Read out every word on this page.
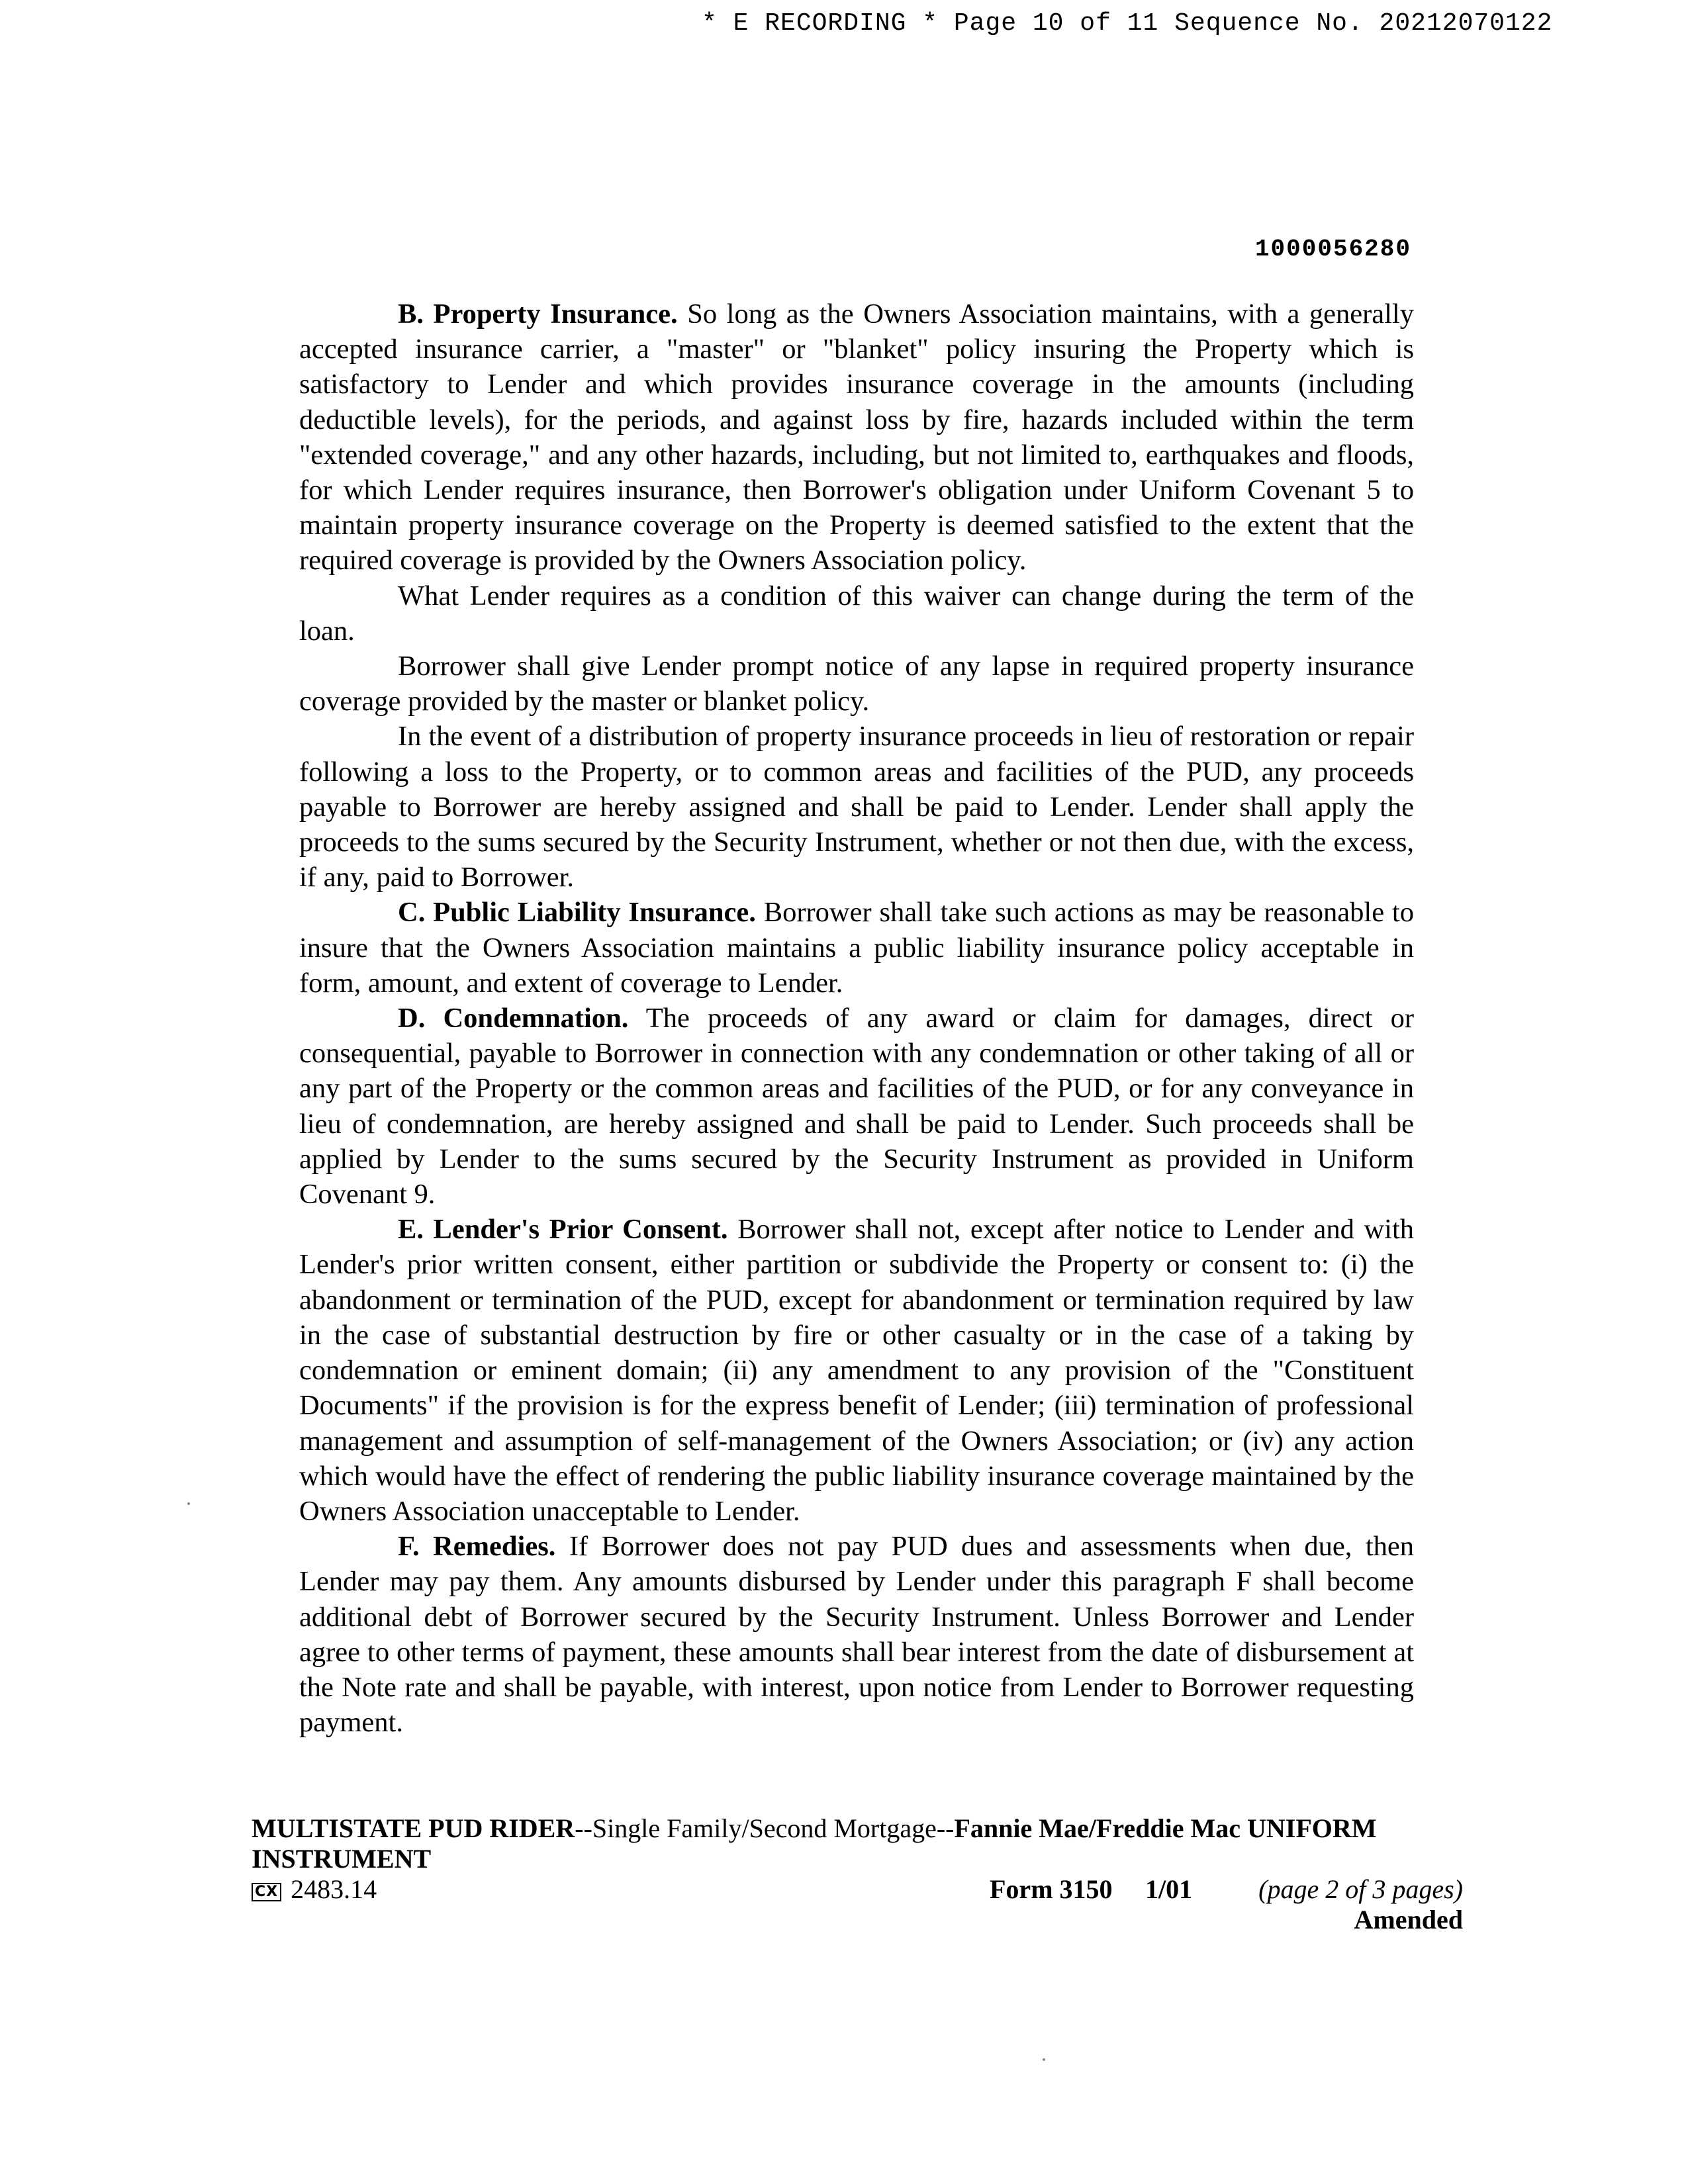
* E RECORDING * Page 10 of 11 Sequence No. 20212070122
1000056280

B. Property Insurance. So long as the Owners Association maintains, with a generally accepted insurance carrier, a "master" or "blanket" policy insuring the Property which is satisfactory to Lender and which provides insurance coverage in the amounts (including deductible levels), for the periods, and against loss by fire, hazards included within the term "extended coverage," and any other hazards, including, but not limited to, earthquakes and floods, for which Lender requires insurance, then Borrower's obligation under Uniform Covenant 5 to maintain property insurance coverage on the Property is deemed satisfied to the extent that the required coverage is provided by the Owners Association policy.

What Lender requires as a condition of this waiver can change during the term of the loan.

Borrower shall give Lender prompt notice of any lapse in required property insurance coverage provided by the master or blanket policy.

In the event of a distribution of property insurance proceeds in lieu of restoration or repair following a loss to the Property, or to common areas and facilities of the PUD, any proceeds payable to Borrower are hereby assigned and shall be paid to Lender. Lender shall apply the proceeds to the sums secured by the Security Instrument, whether or not then due, with the excess, if any, paid to Borrower.

C. Public Liability Insurance. Borrower shall take such actions as may be reasonable to insure that the Owners Association maintains a public liability insurance policy acceptable in form, amount, and extent of coverage to Lender.

D. Condemnation. The proceeds of any award or claim for damages, direct or consequential, payable to Borrower in connection with any condemnation or other taking of all or any part of the Property or the common areas and facilities of the PUD, or for any conveyance in lieu of condemnation, are hereby assigned and shall be paid to Lender. Such proceeds shall be applied by Lender to the sums secured by the Security Instrument as provided in Uniform Covenant 9.

E. Lender's Prior Consent. Borrower shall not, except after notice to Lender and with Lender's prior written consent, either partition or subdivide the Property or consent to: (i) the abandonment or termination of the PUD, except for abandonment or termination required by law in the case of substantial destruction by fire or other casualty or in the case of a taking by condemnation or eminent domain; (ii) any amendment to any provision of the "Constituent Documents" if the provision is for the express benefit of Lender; (iii) termination of professional management and assumption of self-management of the Owners Association; or (iv) any action which would have the effect of rendering the public liability insurance coverage maintained by the Owners Association unacceptable to Lender.

F. Remedies. If Borrower does not pay PUD dues and assessments when due, then Lender may pay them. Any amounts disbursed by Lender under this paragraph F shall become additional debt of Borrower secured by the Security Instrument. Unless Borrower and Lender agree to other terms of payment, these amounts shall bear interest from the date of disbursement at the Note rate and shall be payable, with interest, upon notice from Lender to Borrower requesting payment.

MULTISTATE PUD RIDER--Single Family/Second Mortgage--Fannie Mae/Freddie Mac UNIFORM INSTRUMENT
CX 2483.14	Form 3150 1/01	(page 2 of 3 pages)
Amended
